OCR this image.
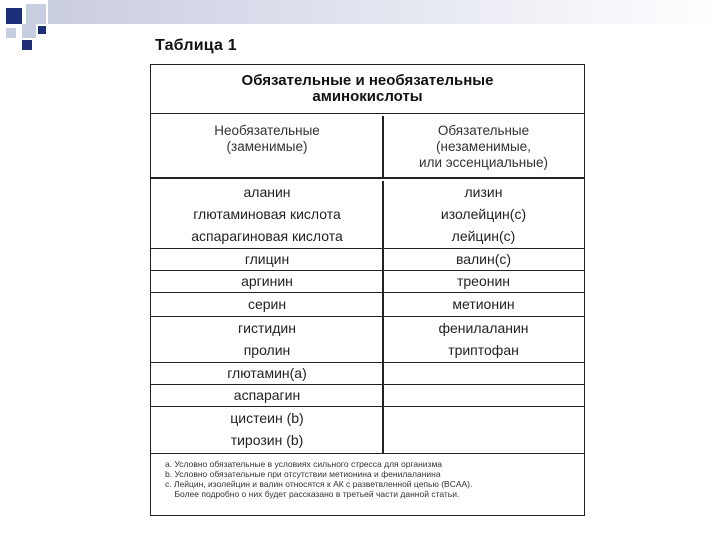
Таблица 1
Обязательные и необязательные
аминокислоты
Необязательные
(заменимые)
Обязательные
(незаменимые,
или эссенциальные)
аланин	лизин
глютаминовая кислота	изолейцин(c)
аспарагиновая кислота	лейцин(c)
глицин	валин(c)
аргинин	треонин
серин	метионин
гистидин	фенилаланин
пролин	триптофан
глютамин(a)
аспарагин
цистеин (b)
тирозин (b)
a. Условно обязательные в условиях сильного стресса для организма
b. Условно обязательные при отсутствии метионина и фенилаланина
c. Лейцин, изолейцин и валин относятся к АК с разветвленной цепью (BCAA).
Более подробно о них будет рассказано в третьей части данной статьи.
